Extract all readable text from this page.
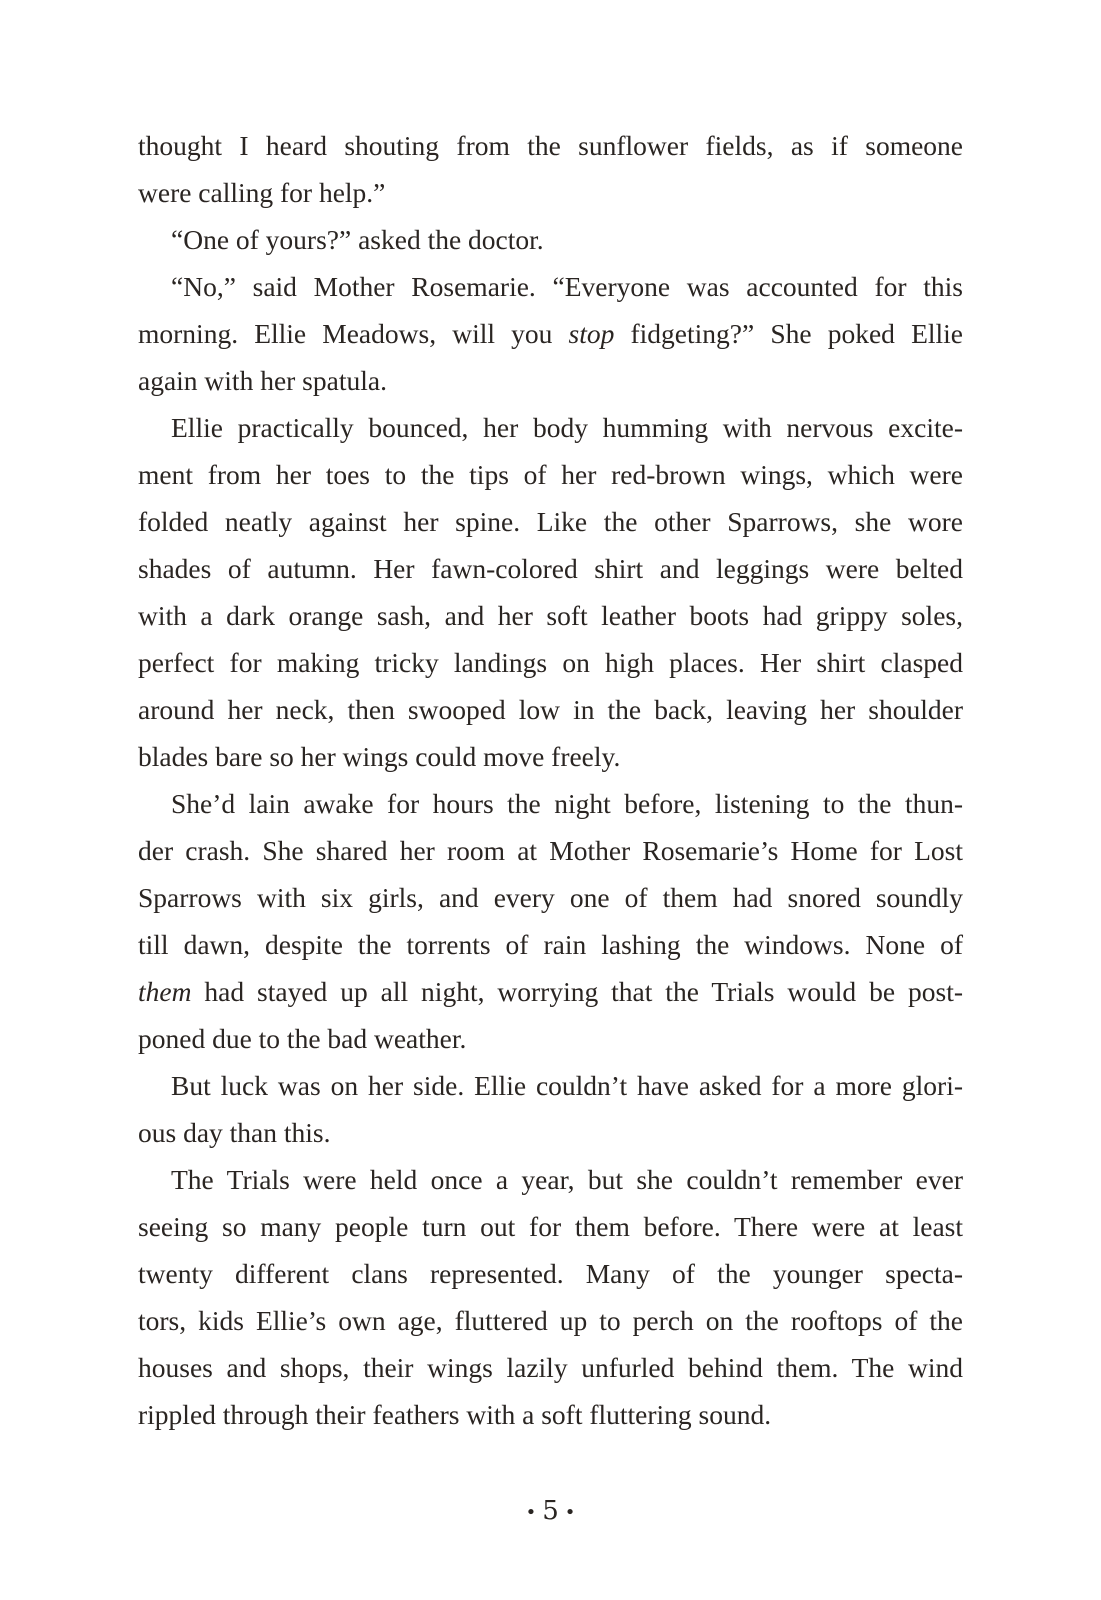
thought I heard shouting from the sunflower fields, as if someone
were calling for help.”
“One of yours?” asked the doctor.
“No,” said Mother Rosemarie. “Everyone was accounted for this
morning. Ellie Meadows, will you stop fidgeting?” She poked Ellie
again with her spatula.
Ellie practically bounced, her body humming with nervous excite-
ment from her toes to the tips of her red-brown wings, which were
folded neatly against her spine. Like the other Sparrows, she wore
shades of autumn. Her fawn-colored shirt and leggings were belted
with a dark orange sash, and her soft leather boots had grippy soles,
perfect for making tricky landings on high places. Her shirt clasped
around her neck, then swooped low in the back, leaving her shoulder
blades bare so her wings could move freely.
She’d lain awake for hours the night before, listening to the thun-
der crash. She shared her room at Mother Rosemarie’s Home for Lost
Sparrows with six girls, and every one of them had snored soundly
till dawn, despite the torrents of rain lashing the windows. None of
them had stayed up all night, worrying that the Trials would be post-
poned due to the bad weather.
But luck was on her side. Ellie couldn’t have asked for a more glori-
ous day than this.
The Trials were held once a year, but she couldn’t remember ever
seeing so many people turn out for them before. There were at least
twenty different clans represented. Many of the younger specta-
tors, kids Ellie’s own age, fluttered up to perch on the rooftops of the
houses and shops, their wings lazily unfurled behind them. The wind
rippled through their feathers with a soft fluttering sound.
• 5 •
